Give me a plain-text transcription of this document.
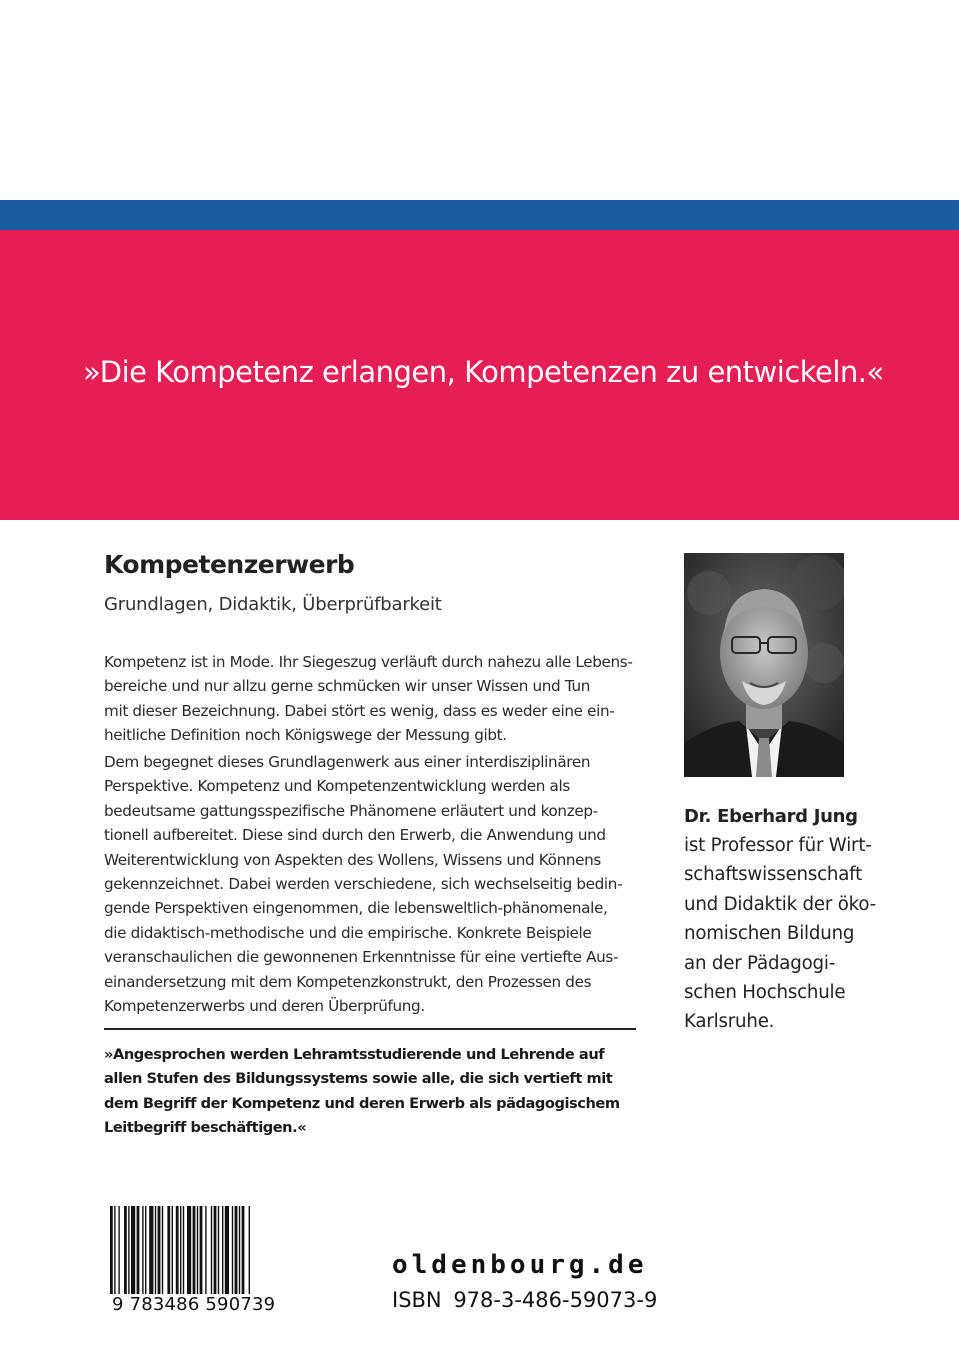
»Die Kompetenz erlangen, Kompetenzen zu entwickeln.«
Kompetenzerwerb
Grundlagen, Didaktik, Überprüfbarkeit
Kompetenz ist in Mode. Ihr Siegeszug verläuft durch nahezu alle Lebens-
bereiche und nur allzu gerne schmücken wir unser Wissen und Tun
mit dieser Bezeichnung. Dabei stört es wenig, dass es weder eine ein-
heitliche Definition noch Königswege der Messung gibt.
Dem begegnet dieses Grundlagenwerk aus einer interdisziplinären
Perspektive. Kompetenz und Kompetenzentwicklung werden als
bedeutsame gattungsspezifische Phänomene erläutert und konzep-
tionell aufbereitet. Diese sind durch den Erwerb, die Anwendung und
Weiterentwicklung von Aspekten des Wollens, Wissens und Könnens
gekennzeichnet. Dabei werden verschiedene, sich wechselseitig bedin-
gende Perspektiven eingenommen, die lebensweltlich-phänomenale,
die didaktisch-methodische und die empirische. Konkrete Beispiele
veranschaulichen die gewonnenen Erkenntnisse für eine vertiefte Aus-
einandersetzung mit dem Kompetenzkonstrukt, den Prozessen des
Kompetenzerwerbs und deren Überprüfung.
»Angesprochen werden Lehramtsstudierende und Lehrende auf
allen Stufen des Bildungssystems sowie alle, die sich vertieft mit
dem Begriff der Kompetenz und deren Erwerb als pädagogischem
Leitbegriff beschäftigen.«
Dr. Eberhard Jung
ist Professor für Wirt-
schaftswissenschaft
und Didaktik der öko-
nomischen Bildung
an der Pädagogi-
schen Hochschule
Karlsruhe.
9 783486 590739
oldenbourg.de
ISBN 978-3-486-59073-9
